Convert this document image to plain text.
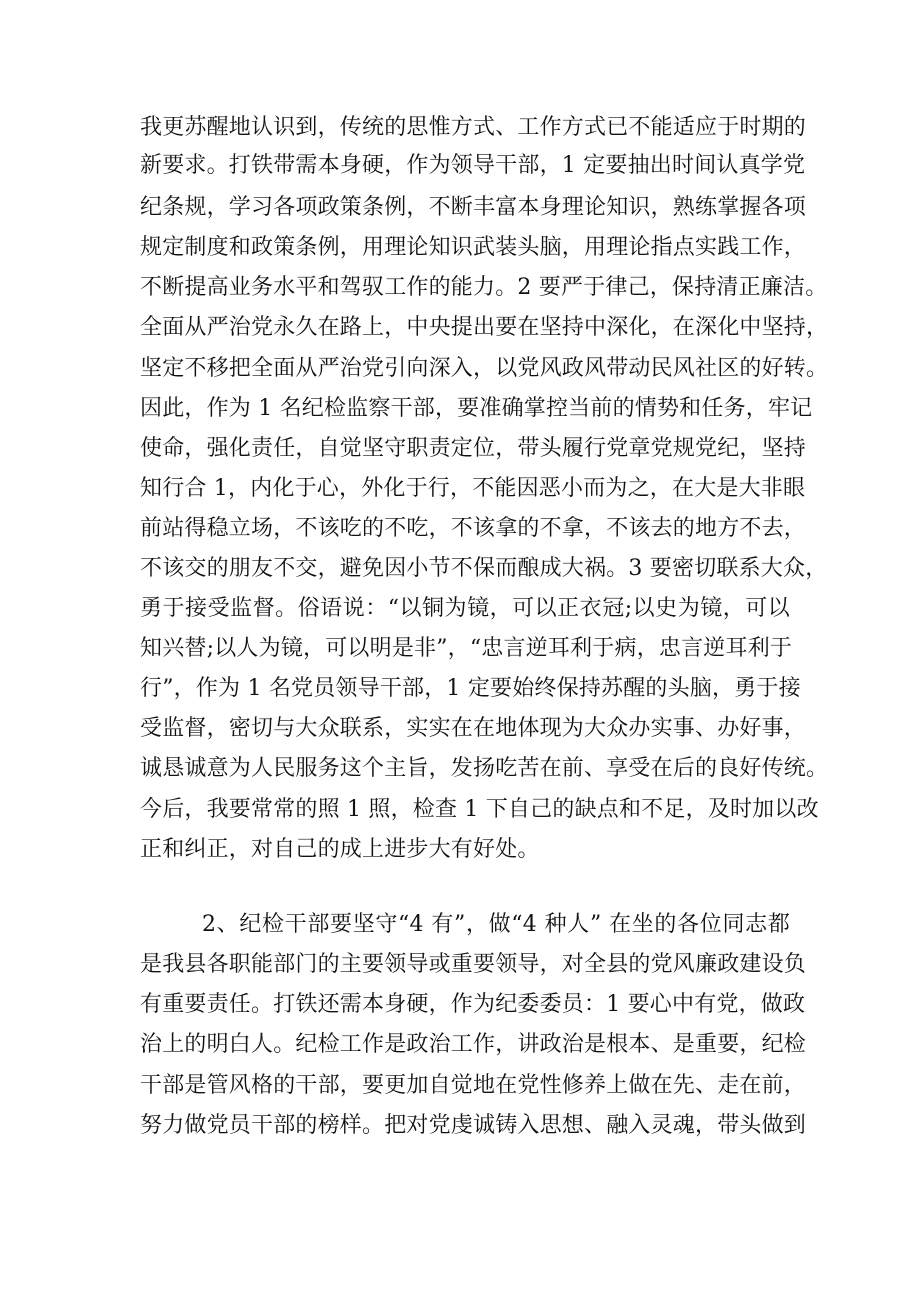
我更苏醒地认识到，传统的思惟方式、工作方式已不能适应于时期的
新要求。打铁带需本身硬，作为领导干部，1 定要抽出时间认真学党
纪条规，学习各项政策条例，不断丰富本身理论知识，熟练掌握各项
规定制度和政策条例，用理论知识武装头脑，用理论指点实践工作，
不断提高业务水平和驾驭工作的能力。2 要严于律己，保持清正廉洁。
全面从严治党永久在路上，中央提出要在坚持中深化，在深化中坚持，
坚定不移把全面从严治党引向深入，以党风政风带动民风社区的好转。
因此，作为 1 名纪检监察干部，要准确掌控当前的情势和任务，牢记
使命，强化责任，自觉坚守职责定位，带头履行党章党规党纪，坚持
知行合 1，内化于心，外化于行，不能因恶小而为之，在大是大非眼
前站得稳立场，不该吃的不吃，不该拿的不拿，不该去的地方不去，
不该交的朋友不交，避免因小节不保而酿成大祸。3 要密切联系大众，
勇于接受监督。俗语说：“以铜为镜，可以正衣冠;以史为镜，可以
知兴替;以人为镜，可以明是非”，“忠言逆耳利于病，忠言逆耳利于
行”，作为 1 名党员领导干部，1 定要始终保持苏醒的头脑，勇于接
受监督，密切与大众联系，实实在在地体现为大众办实事、办好事，
诚恳诚意为人民服务这个主旨，发扬吃苦在前、享受在后的良好传统。
今后，我要常常的照 1 照，检查 1 下自己的缺点和不足，及时加以改
正和纠正，对自己的成上进步大有好处。
2、纪检干部要坚守“4 有”，做“4 种人” 在坐的各位同志都
是我县各职能部门的主要领导或重要领导，对全县的党风廉政建设负
有重要责任。打铁还需本身硬，作为纪委委员：1 要心中有党，做政
治上的明白人。纪检工作是政治工作，讲政治是根本、是重要，纪检
干部是管风格的干部，要更加自觉地在党性修养上做在先、走在前，
努力做党员干部的榜样。把对党虔诚铸入思想、融入灵魂，带头做到
